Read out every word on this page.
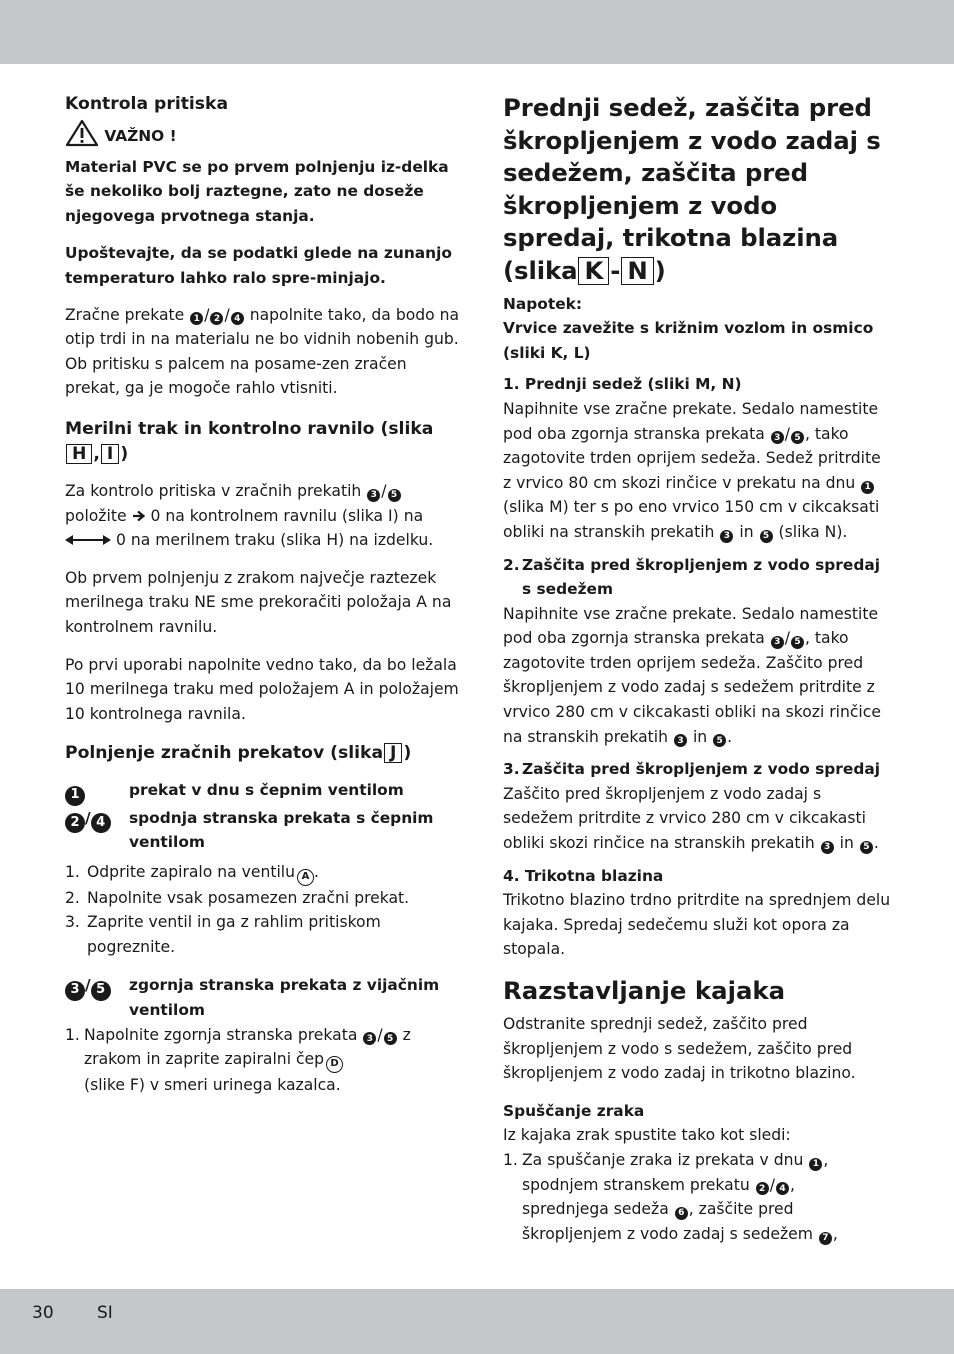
Kontrola pritiska

VAŽNO !

Material PVC se po prvem polnjenju iz-delka še nekoliko bolj raztegne, zato ne doseže njegovega prvotnega stanja.

Upoštevajte, da se podatki glede na zunanjo temperaturo lahko ralo spre-minjajo.

Zračne prekate 1 / 2 / 4 napolnite tako, da bodo na otip trdi in na materialu ne bo vidnih nobenih gub. Ob pritisku s palcem na posame-zen zračen prekat, ga je mogoče rahlo vtisniti.

Merilni trak in kontrolno ravnilo (slikaH , I )

Za kontrolo pritiska v zračnih prekatih 3 / 5 položite 0 na kontrolnem ravnilu (slika I) na  0 na merilnem traku (slika H) na izdelku.

Ob prvem polnjenju z zrakom največje raztezek merilnega traku NE sme prekoračiti položaja A na kontrolnem ravnilu.

Po prvi uporabi napolnite vedno tako, da bo ležala 10 merilnega traku med položajem A in položajem 10 kontrolnega ravnila.

Polnjenje zračnih prekatov (slika J )

1	prekat v dnu s čepnim ventilom
2 / 4	spodnja stranska prekata s čepnim ventilom
1. Odprite zapiralo na ventilu A .
2. Napolnite vsak posamezen zračni prekat.
3. Zaprite ventil in ga z rahlim pritiskom pogreznite.
3 / 5	zgornja stranska prekata z vijačnim ventilom
1. Napolnite zgornja stranska prekata 3 / 5 z zrakom in zaprite zapiralni čep D
(slike F) v smeri urinega kazalca.

Prednji sedež, zaščita pred škropljenjem z vodo zadaj s sedežem, zaščita pred škropljenjem z vodo spredaj, trikotna blazina (slika K - N )

Napotek:

Vrvice zavežite s križnim vozlom in osmico (sliki K, L)

1. Prednji sedež (sliki M, N)

Napihnite vse zračne prekate. Sedalo namestite pod oba zgornja stranska prekata 3 / 5 , tako zagotovite trden oprijem sedeža. Sedež pritrdite z vrvico 80 cm skozi rinčice v prekatu na dnu 1 (slika M) ter s po eno vrvico 150 cm v cikcaksati obliki na stranskih prekatih 3 in 5 (slika N).

2. Zaščita pred škropljenjem z vodo spredaj s sedežem

Napihnite vse zračne prekate. Sedalo namestite pod oba zgornja stranska prekata 3 / 5 , tako zagotovite trden oprijem sedeža. Zaščito pred škropljenjem z vodo zadaj s sedežem pritrdite z vrvico 280 cm v cikcakasti obliki na skozi rinčice na stranskih prekatih 3 in 5 .

3. Zaščita pred škropljenjem z vodo spredaj

Zaščito pred škropljenjem z vodo zadaj s sedežem pritrdite z vrvico 280 cm v cikcakasti obliki skozi rinčice na stranskih prekatih 3 in 5 .

4. Trikotna blazina

Trikotno blazino trdno pritrdite na sprednjem delu kajaka. Spredaj sedečemu služi kot opora za stopala.

Razstavljanje kajaka

Odstranite sprednji sedež, zaščito pred škropljenjem z vodo s sedežem, zaščito pred škropljenjem z vodo zadaj in trikotno blazino.

Spuščanje zraka

Iz kajaka zrak spustite tako kot sledi:

1. Za spuščanje zraka iz prekata v dnu 1 ,
spodnjem stranskem prekatu 2 / 4 ,
sprednjega sedeža 6 , zaščite pred škropljenjem z vodo zadaj s sedežem 7 ,
30	SI
